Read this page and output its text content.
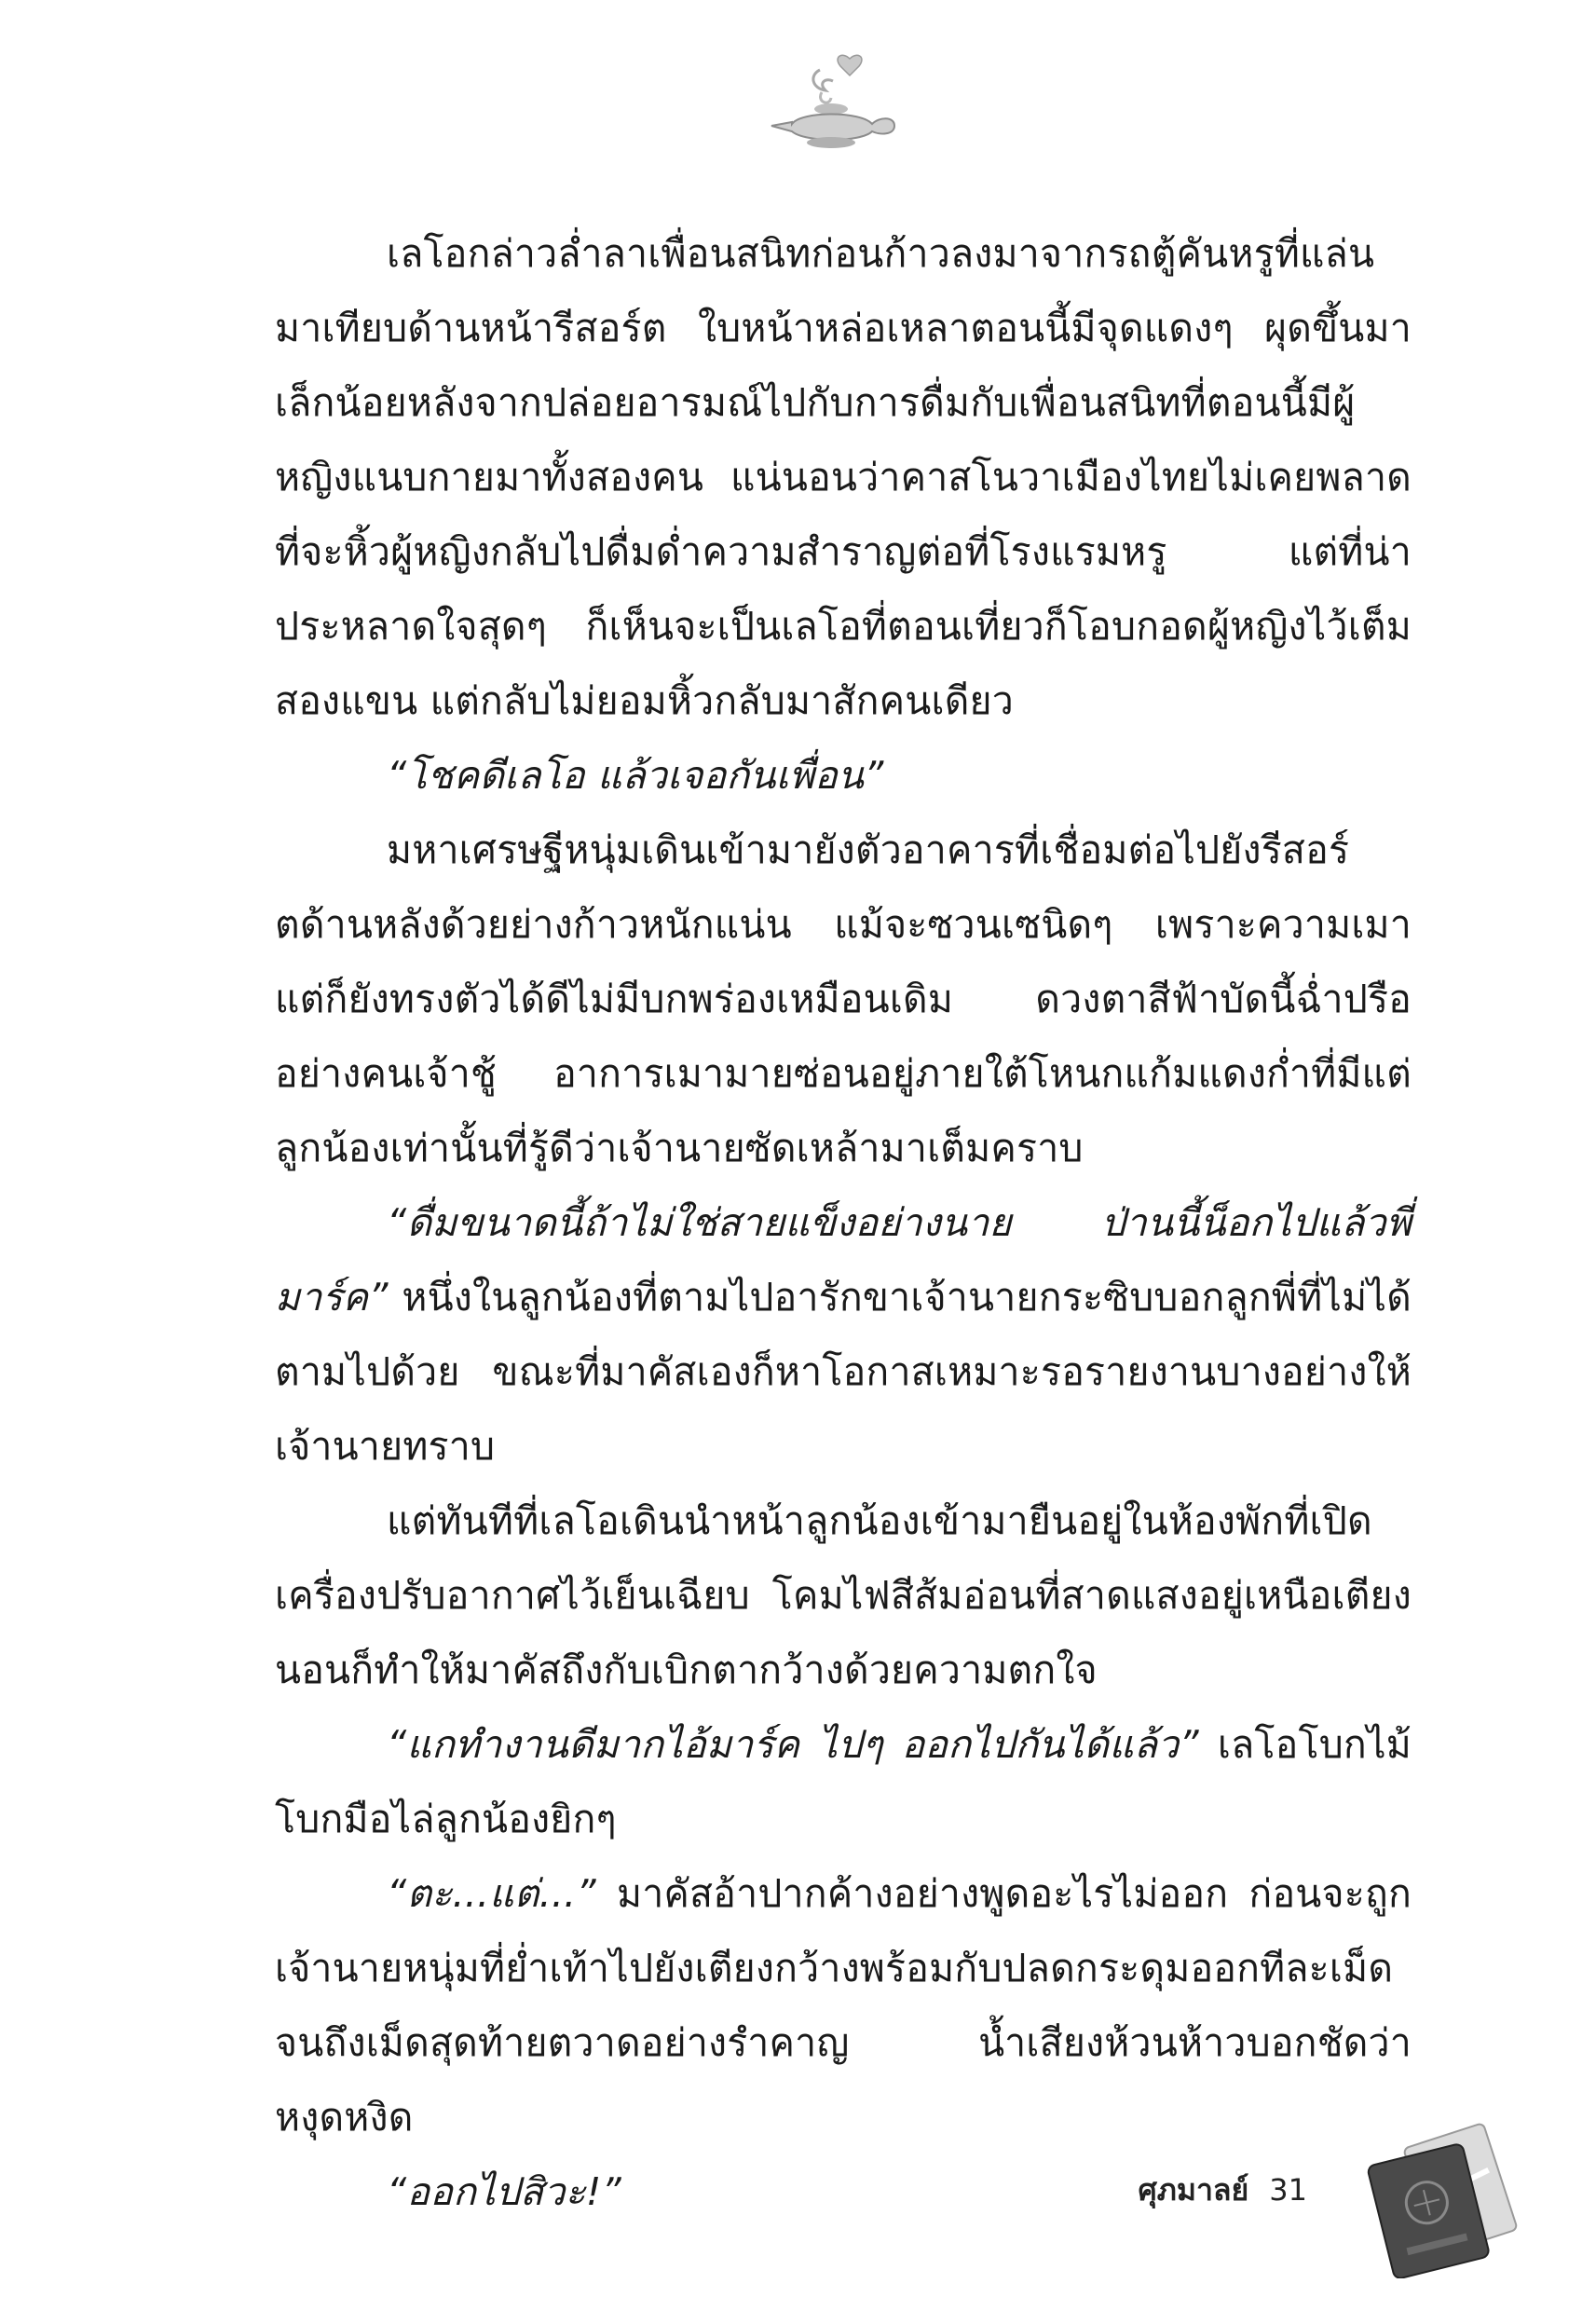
เลโอกล่าวล่ำลาเพื่อนสนิทก่อนก้าวลงมาจากรถตู้คันหรูที่แล่นมาเทียบด้านหน้ารีสอร์ต ใบหน้าหล่อเหลาตอนนี้มีจุดแดงๆ ผุดขึ้นมาเล็กน้อยหลังจากปล่อยอารมณ์ไปกับการดื่มกับเพื่อนสนิทที่ตอนนี้มีผู้หญิงแนบกายมาทั้งสองคน แน่นอนว่าคาสโนวาเมืองไทยไม่เคยพลาดที่จะหิ้วผู้หญิงกลับไปดื่มด่ำความสำราญต่อที่โรงแรมหรู แต่ที่น่าประหลาดใจสุดๆ ก็เห็นจะเป็นเลโอที่ตอนเที่ยวก็โอบกอดผู้หญิงไว้เต็มสองแขน แต่กลับไม่ยอมหิ้วกลับมาสักคนเดียว

“โชคดีเลโอ แล้วเจอกันเพื่อน”

มหาเศรษฐีหนุ่มเดินเข้ามายังตัวอาคารที่เชื่อมต่อไปยังรีสอร์ตด้านหลังด้วยย่างก้าวหนักแน่น แม้จะซวนเซนิดๆ เพราะความเมา แต่ก็ยังทรงตัวได้ดีไม่มีบกพร่องเหมือนเดิม ดวงตาสีฟ้าบัดนี้ฉ่ำปรืออย่างคนเจ้าชู้ อาการเมามายซ่อนอยู่ภายใต้โหนกแก้มแดงก่ำที่มีแต่ลูกน้องเท่านั้นที่รู้ดีว่าเจ้านายซัดเหล้ามาเต็มคราบ

“ดื่มขนาดนี้ถ้าไม่ใช่สายแข็งอย่างนาย ป่านนี้น็อกไปแล้วพี่มาร์ค” หนึ่งในลูกน้องที่ตามไปอารักขาเจ้านายกระซิบบอกลูกพี่ที่ไม่ได้ตามไปด้วย ขณะที่มาคัสเองก็หาโอกาสเหมาะรอรายงานบางอย่างให้เจ้านายทราบ

แต่ทันทีที่เลโอเดินนำหน้าลูกน้องเข้ามายืนอยู่ในห้องพักที่เปิดเครื่องปรับอากาศไว้เย็นเฉียบ โคมไฟสีส้มอ่อนที่สาดแสงอยู่เหนือเตียงนอนก็ทำให้มาคัสถึงกับเบิกตากว้างด้วยความตกใจ

“แกทำงานดีมากไอ้มาร์ค ไปๆ ออกไปกันได้แล้ว” เลโอโบกไม้โบกมือไล่ลูกน้องยิกๆ

“ตะ...แต่...” มาคัสอ้าปากค้างอย่างพูดอะไรไม่ออก ก่อนจะถูกเจ้านายหนุ่มที่ย่ำเท้าไปยังเตียงกว้างพร้อมกับปลดกระดุมออกทีละเม็ดจนถึงเม็ดสุดท้ายตวาดอย่างรำคาญ น้ำเสียงห้วนห้าวบอกชัดว่าหงุดหงิด

“ออกไปสิวะ!”	ศุภมาลย์ 31
